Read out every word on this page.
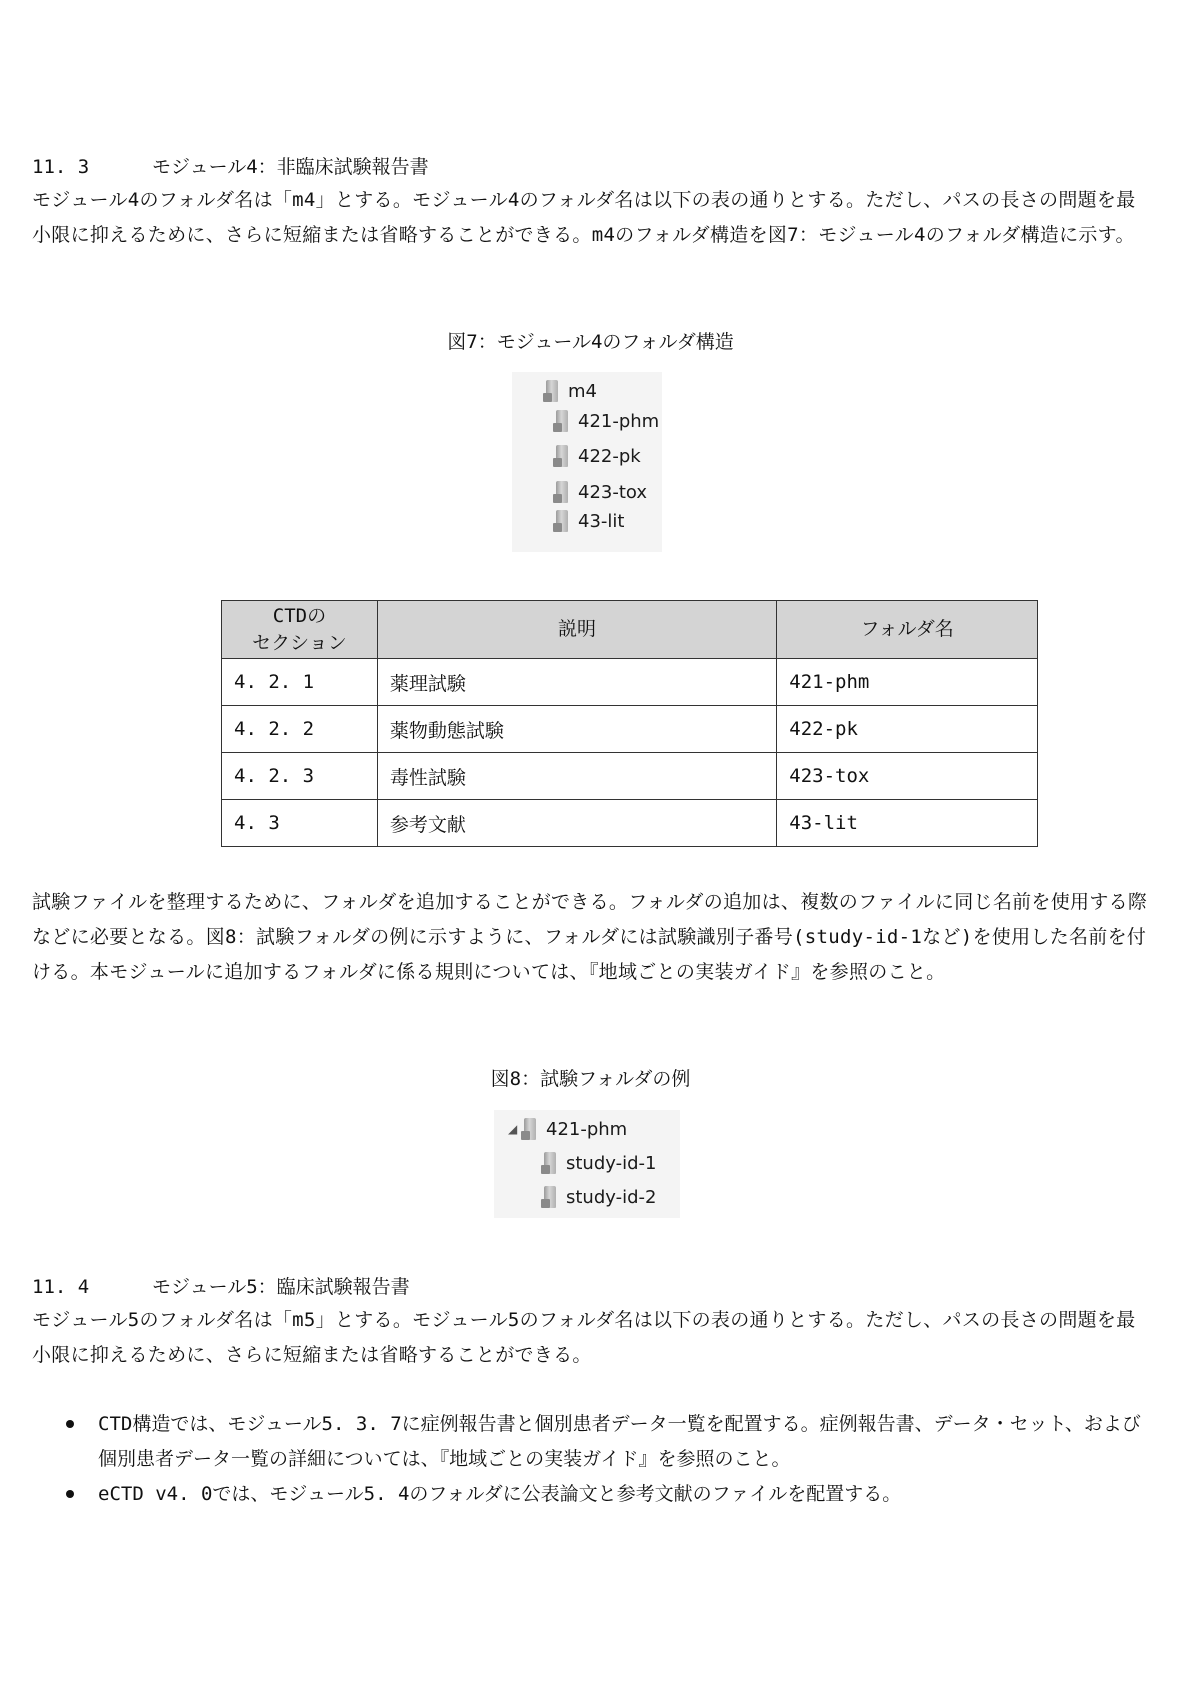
11. 3	モジュール4：非臨床試験報告書
モジュール4のフォルダ名は「m4」とする。モジュール4のフォルダ名は以下の表の通りとする。ただし、パスの長さの問題を最小限に抑えるために、さらに短縮または省略することができる。m4のフォルダ構造を図7：モジュール4のフォルダ構造に示す。
図7：モジュール4のフォルダ構造
m4
421-phm
422-pk
423-tox
43-lit
CTDの
セクション	説明	フォルダ名
4. 2. 1	薬理試験	421-phm
4. 2. 2	薬物動態試験	422-pk
4. 2. 3	毒性試験	423-tox
4. 3	参考文献	43-lit
試験ファイルを整理するために、フォルダを追加することができる。フォルダの追加は、複数のファイルに同じ名前を使用する際などに必要となる。図8：試験フォルダの例に示すように、フォルダには試験識別子番号(study-id-1など)を使用した名前を付ける。本モジュールに追加するフォルダに係る規則については、『地域ごとの実装ガイド』を参照のこと。
図8：試験フォルダの例
◢ 421-phm
study-id-1
study-id-2
11. 4	モジュール5：臨床試験報告書
モジュール5のフォルダ名は「m5」とする。モジュール5のフォルダ名は以下の表の通りとする。ただし、パスの長さの問題を最小限に抑えるために、さらに短縮または省略することができる。
CTD構造では、モジュール5. 3. 7に症例報告書と個別患者データ一覧を配置する。症例報告書、データ・セット、および個別患者データ一覧の詳細については、『地域ごとの実装ガイド』を参照のこと。
eCTD v4. 0では、モジュール5. 4のフォルダに公表論文と参考文献のファイルを配置する。
